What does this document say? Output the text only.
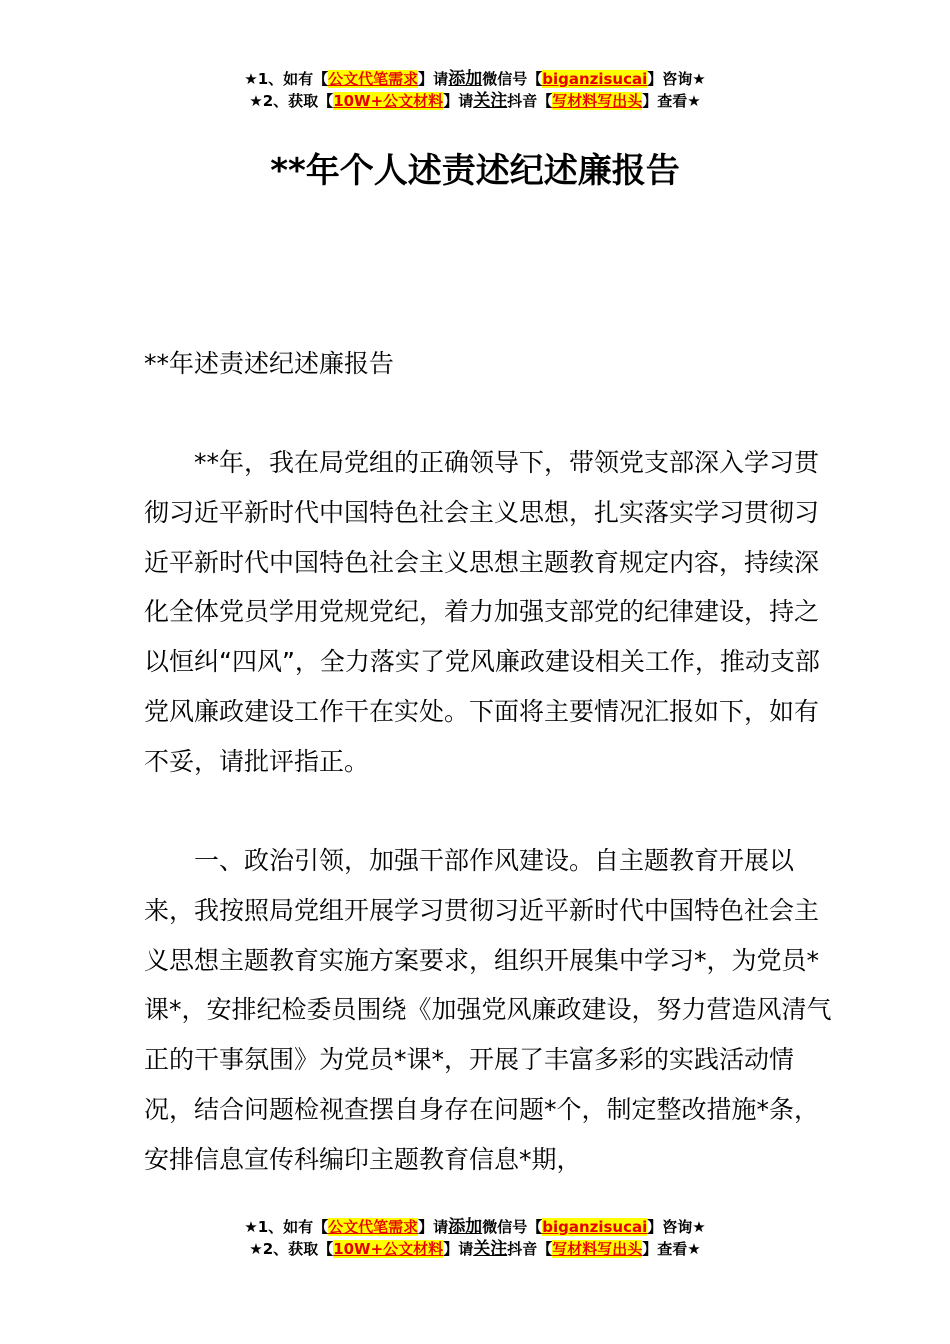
★1、如有【公文代笔需求】请添加微信号【biganzisucai】咨询★
★2、获取【10W+公文材料】请关注抖音【写材料写出头】查看★
**年个人述责述纪述廉报告

**年述责述纪述廉报告

**年，我在局党组的正确领导下，带领党支部深入学习贯彻习近平新时代中国特色社会主义思想，扎实落实学习贯彻习近平新时代中国特色社会主义思想主题教育规定内容，持续深化全体党员学用党规党纪，着力加强支部党的纪律建设，持之以恒纠“四风”，全力落实了党风廉政建设相关工作，推动支部党风廉政建设工作干在实处。下面将主要情况汇报如下，如有不妥，请批评指正。

一、政治引领，加强干部作风建设。自主题教育开展以来，我按照局党组开展学习贯彻习近平新时代中国特色社会主义思想主题教育实施方案要求，组织开展集中学习*，为党员*课*，安排纪检委员围绕《加强党风廉政建设，努力营造风清气正的干事氛围》为党员*课*，开展了丰富多彩的实践活动情况，结合问题检视查摆自身存在问题*个，制定整改措施*条，安排信息宣传科编印主题教育信息*期，

★1、如有【公文代笔需求】请添加微信号【biganzisucai】咨询★
★2、获取【10W+公文材料】请关注抖音【写材料写出头】查看★
